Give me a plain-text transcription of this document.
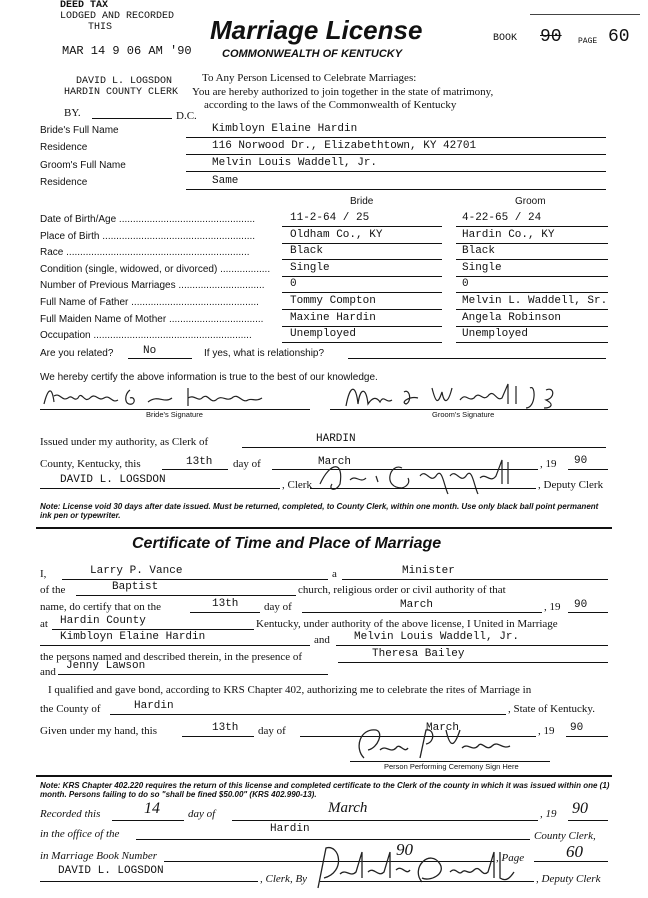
DEED TAX
LODGED AND RECORDED
THIS
MAR 14 9 06 AM '90
DAVID L. LOGSDON
HARDIN COUNTY CLERK
BY.	D.C.
Marriage License
COMMONWEALTH OF KENTUCKY
BOOK 90 PAGE 60
To Any Person Licensed to Celebrate Marriages:
You are hereby authorized to join together in the state of matrimony,
according to the laws of the Commonwealth of Kentucky
Bride's Full Name	Kimbloyn Elaine Hardin
Residence	116 Norwood Dr., Elizabethtown, KY 42701
Groom's Full Name	Melvin Louis Waddell, Jr.
Residence	Same
Bride	Groom
Date of Birth/Age .................................................	11-2-64 / 25	4-22-65 / 24
Place of Birth .......................................................	Oldham Co., KY	Hardin Co., KY
Race ..................................................................	Black	Black
Condition (single, widowed, or divorced) .................. Single	Single
Number of Previous Marriages ............................... 0	0
Full Name of Father ..............................................	Tommy Compton	Melvin L. Waddell, Sr.
Full Maiden Name of Mother .................................. Maxine Hardin	Angela Robinson
Occupation .........................................................	Unemployed	Unemployed
Are you related?	No	If yes, what is relationship?
We hereby certify the above information is true to the best of our knowledge.
Bride's Signature	Groom's Signature
Issued under my authority, as Clerk of	HARDIN
County, Kentucky, this	13th day of	March	, 19 90
DAVID L. LOGSDON	, Clerk	, Deputy Clerk
Note: License void 30 days after date issued. Must be returned, completed, to County Clerk, within one month. Use only black ball point permanent ink pen or typewriter.
Certificate of Time and Place of Marriage
I,	Larry P. Vance	a	Minister
of the	Baptist	church, religious order or civil authority of that
name, do certify that on the	13th day of	March	, 19 90
at Hardin County	Kentucky, under authority of the above license, I United in Marriage
Kimbloyn Elaine Hardin	and Melvin Louis Waddell, Jr.
the persons named and described therein, in the presence of	Theresa Bailey
and Jenny Lawson
I qualified and gave bond, according to KRS Chapter 402, authorizing me to celebrate the rites of Marriage in
the County of	Hardin	, State of Kentucky.
Given under my hand, this	13th day of	March	, 19 90
Person Performing Ceremony Sign Here
Note: KRS Chapter 402.220 requires the return of this license and completed certificate to the Clerk of the county in which it was issued within one (1) month. Persons failing to do so "shall be fined $50.00" (KRS 402.990-13).
Recorded this	14	day of	March	, 19 90
in the office of the	Hardin
County Clerk,
in Marriage Book Number	90	, Page 60
DAVID L. LOGSDON
, Clerk, By	, Deputy Clerk
